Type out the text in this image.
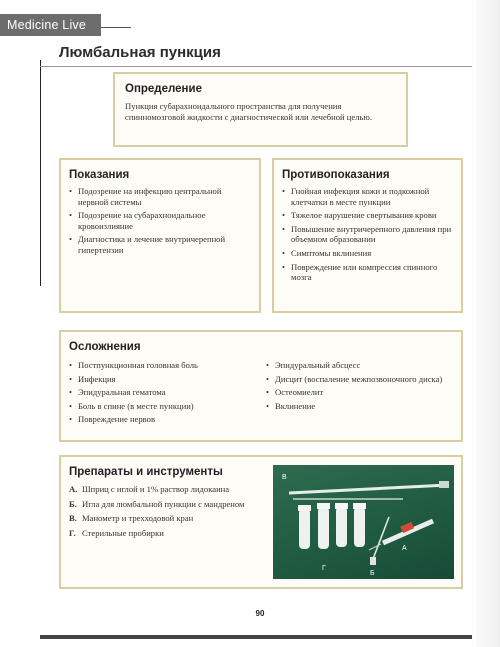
Medicine Live
Люмбальная пункция
Определение

Пункция субарахноидального пространства для получения спинномозговой жидкости с диагностической или лечебной целью.

Показания
• Подозрение на инфекцию центральной нервной системы
• Подозрение на субарахноидальное кровоизлияние
• Диагностика и лечение внутричерепной гипертензии
Противопоказания
• Гнойная инфекция кожи и подкожной клетчатки в месте пункции
• Тяжелое нарушение свертывания крови
• Повышение внутричерепного давления при объемном образовании
• Симптомы вклинения
• Повреждение или компрессия спинного мозга
Осложнения
• Постпункционная головная боль
• Инфекция
• Эпидуральная гематома
• Боль в спине (в месте пункции)
• Повреждение нервов
• Эпидуральный абсцесс
• Дисцит (воспаление межпозвоночного диска)
• Остеомиелит
• Вклинение
Препараты и инструменты
А. Шприц с иглой и 1% раствор лидокаина
Б. Игла для люмбальной пункции с мандреном
В. Манометр и трехходовой кран
Г. Стерильные пробирки
В
Г
Б
А
90
